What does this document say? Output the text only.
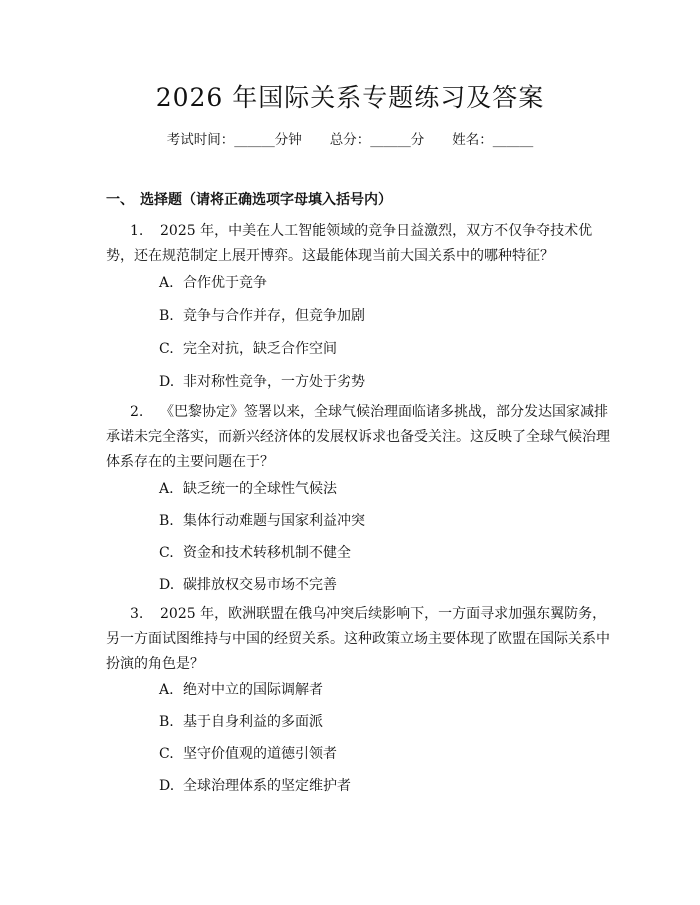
2026 年国际关系专题练习及答案
考试时间：______分钟 总分：______分 姓名：______
一、 选择题（请将正确选项字母填入括号内）
1. 2025 年，中美在人工智能领域的竞争日益激烈，双方不仅争夺技术优
势，还在规范制定上展开博弈。这最能体现当前大国关系中的哪种特征？
A. 合作优于竞争
B. 竞争与合作并存，但竞争加剧
C. 完全对抗，缺乏合作空间
D. 非对称性竞争，一方处于劣势
2. 《巴黎协定》签署以来，全球气候治理面临诸多挑战，部分发达国家减排
承诺未完全落实，而新兴经济体的发展权诉求也备受关注。这反映了全球气候治理
体系存在的主要问题在于？
A. 缺乏统一的全球性气候法
B. 集体行动难题与国家利益冲突
C. 资金和技术转移机制不健全
D. 碳排放权交易市场不完善
3. 2025 年，欧洲联盟在俄乌冲突后续影响下，一方面寻求加强东翼防务，
另一方面试图维持与中国的经贸关系。这种政策立场主要体现了欧盟在国际关系中
扮演的角色是？
A. 绝对中立的国际调解者
B. 基于自身利益的多面派
C. 坚守价值观的道德引领者
D. 全球治理体系的坚定维护者
